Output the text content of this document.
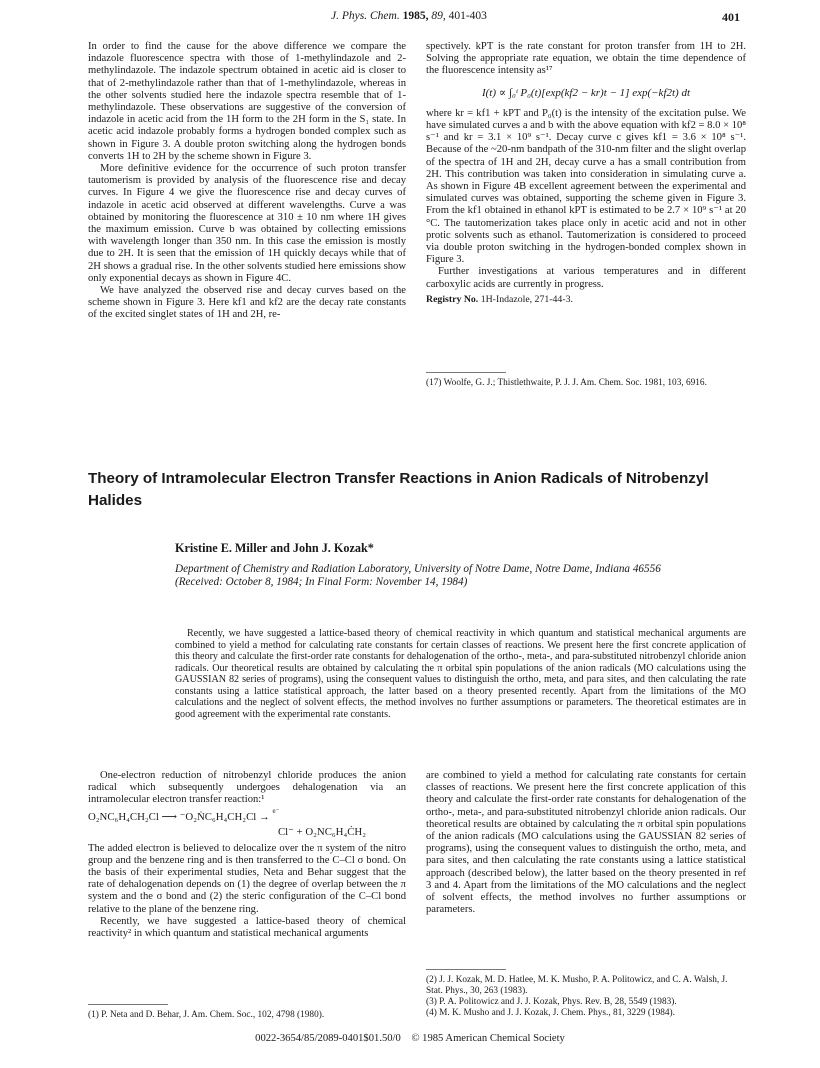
J. Phys. Chem. 1985, 89, 401-403	401

In order to find the cause for the above difference we compare the indazole fluorescence spectra with those of 1-methylindazole and 2-methylindazole. The indazole spectrum obtained in acetic aid is closer to that of 2-methylindazole rather than that of 1-methylindazole, whereas in the other solvents studied here the indazole spectra resemble that of 1-methylindazole. These observations are suggestive of the conversion of indazole in acetic acid from the 1H form to the 2H form in the S₁ state. In acetic acid indazole probably forms a hydrogen bonded complex such as shown in Figure 3. A double proton switching along the hydrogen bonds converts 1H to 2H by the scheme shown in Figure 3.

More definitive evidence for the occurrence of such proton transfer tautomerism is provided by analysis of the fluorescence rise and decay curves. In Figure 4 we give the fluorescence rise and decay curves of indazole in acetic acid observed at different wavelengths. Curve a was obtained by monitoring the fluorescence at 310 ± 10 nm where 1H gives the maximum emission. Curve b was obtained by collecting emissions with wavelength longer than 350 nm. In this case the emission is mostly due to 2H. It is seen that the emission of 1H quickly decays while that of 2H shows a gradual rise. In the other solvents studied here emissions show only exponential decays as shown in Figure 4C.

We have analyzed the observed rise and decay curves based on the scheme shown in Figure 3. Here kf1 and kf2 are the decay rate constants of the excited singlet states of 1H and 2H, re-

spectively. kPT is the rate constant for proton transfer from 1H to 2H. Solving the appropriate rate equation, we obtain the time dependence of the fluorescence intensity as¹⁷

I(t) ∝ ∫₀ᵗ P₀(t)[exp(kf2 − kr)t − 1] exp(−kf2t) dt

where kr = kf1 + kPT and P₀(t) is the intensity of the excitation pulse. We have simulated curves a and b with the above equation with kf2 = 8.0 × 10⁸ s⁻¹ and kr = 3.1 × 10⁹ s⁻¹. Decay curve c gives kf1 = 3.6 × 10⁸ s⁻¹. Because of the ~20-nm bandpath of the 310-nm filter and the slight overlap of the spectra of 1H and 2H, decay curve a has a small contribution from 2H. This contribution was taken into consideration in simulating curve a. As shown in Figure 4B excellent agreement between the experimental and simulated curves was obtained, supporting the scheme given in Figure 3. From the kf1 obtained in ethanol kPT is estimated to be 2.7 × 10⁹ s⁻¹ at 20 °C. The tautomerization takes place only in acetic acid and not in other protic solvents such as ethanol. Tautomerization is considered to proceed via double proton switching in the hydrogen-bonded complex shown in Figure 3.

Further investigations at various temperatures and in different carboxylic acids are currently in progress.

Registry No. 1H-Indazole, 271-44-3.
(17) Woolfe, G. J.; Thistlethwaite, P. J. J. Am. Chem. Soc. 1981, 103, 6916.
Theory of Intramolecular Electron Transfer Reactions in Anion Radicals of Nitrobenzyl Halides
Kristine E. Miller and John J. Kozak*
Department of Chemistry and Radiation Laboratory, University of Notre Dame, Notre Dame, Indiana 46556
(Received: October 8, 1984; In Final Form: November 14, 1984)
Recently, we have suggested a lattice-based theory of chemical reactivity in which quantum and statistical mechanical arguments are combined to yield a method for calculating rate constants for certain classes of reactions. We present here the first concrete application of this theory and calculate the first-order rate constants for dehalogenation of the ortho-, meta-, and para-substituted nitrobenzyl chloride anion radicals. Our theoretical results are obtained by calculating the π orbital spin populations of the anion radicals (MO calculations using the GAUSSIAN 82 series of programs), using the consequent values to distinguish the ortho, meta, and para sites, and then calculating the rate constants using a lattice statistical approach, the latter based on a theory presented recently. Apart from the limitations of the MO calculations and the neglect of solvent effects, the method involves no further assumptions or parameters. The theoretical estimates are in good agreement with the experimental rate constants.

One-electron reduction of nitrobenzyl chloride produces the anion radical which subsequently undergoes dehalogenation via an intramolecular electron transfer reaction:¹

O₂NC₆H₄CH₂Cl ⟶ ⁻O₂ṄC₆H₄CH₂Cl → $^{e^-}$
Cl⁻ + O₂NC₆H₄ĊH₂

The added electron is believed to delocalize over the π system of the nitro group and the benzene ring and is then transferred to the C–Cl σ bond. On the basis of their experimental studies, Neta and Behar suggest that the rate of dehalogenation depends on (1) the degree of overlap between the π system and the σ bond and (2) the steric configuration of the C–Cl bond relative to the plane of the benzene ring.

Recently, we have suggested a lattice-based theory of chemical reactivity² in which quantum and statistical mechanical arguments

(1) P. Neta and D. Behar, J. Am. Chem. Soc., 102, 4798 (1980).

are combined to yield a method for calculating rate constants for certain classes of reactions. We present here the first concrete application of this theory and calculate the first-order rate constants for dehalogenation of the ortho-, meta-, and para-substituted nitrobenzyl chloride anion radicals. Our theoretical results are obtained by calculating the π orbital spin populations of the anion radicals (MO calculations using the GAUSSIAN 82 series of programs), using the consequent values to distinguish the ortho, meta, and para sites, and then calculating the rate constants using a lattice statistical approach (described below), the latter based on the theory presented in ref 3 and 4. Apart from the limitations of the MO calculations and the neglect of solvent effects, the method involves no further assumptions or parameters.

(2) J. J. Kozak, M. D. Hatlee, M. K. Musho, P. A. Politowicz, and C. A. Walsh, J. Stat. Phys., 30, 263 (1983).
(3) P. A. Politowicz and J. J. Kozak, Phys. Rev. B, 28, 5549 (1983).
(4) M. K. Musho and J. J. Kozak, J. Chem. Phys., 81, 3229 (1984).
0022-3654/85/2089-0401$01.50/0 © 1985 American Chemical Society
